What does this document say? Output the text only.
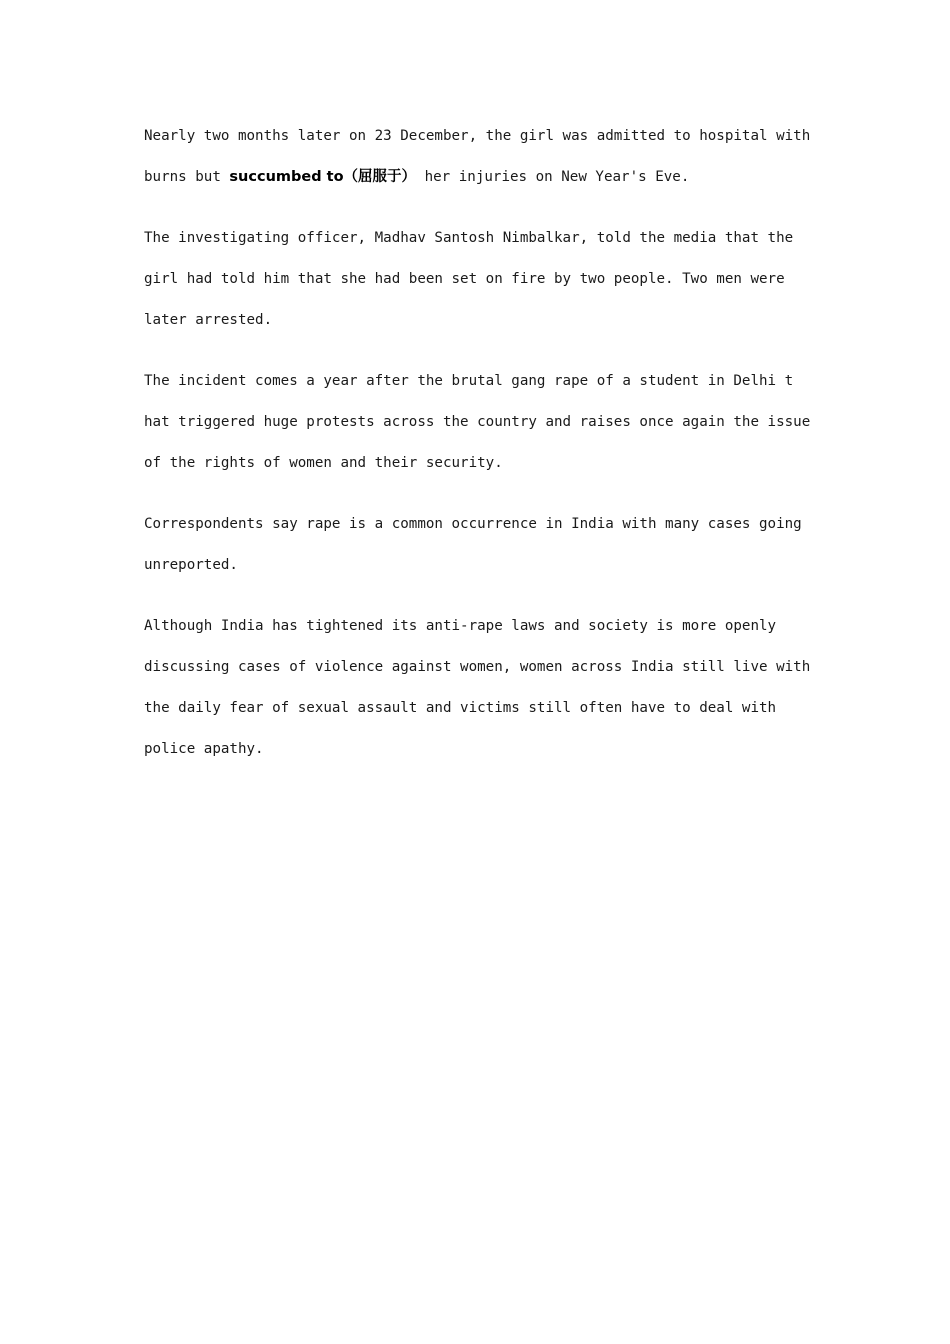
Nearly two months later on 23 December, the girl was admitted to hospital with
burns but succumbed to（屈服于） her injuries on New Year's Eve.

The investigating officer, Madhav Santosh Nimbalkar, told the media that the
girl had told him that she had been set on fire by two people. Two men were
later arrested.

The incident comes a year after the brutal gang rape of a student in Delhi t
hat triggered huge protests across the country and raises once again the issue
of the rights of women and their security.

Correspondents say rape is a common occurrence in India with many cases going
unreported.

Although India has tightened its anti-rape laws and society is more openly
discussing cases of violence against women, women across India still live with
the daily fear of sexual assault and victims still often have to deal with
police apathy.
